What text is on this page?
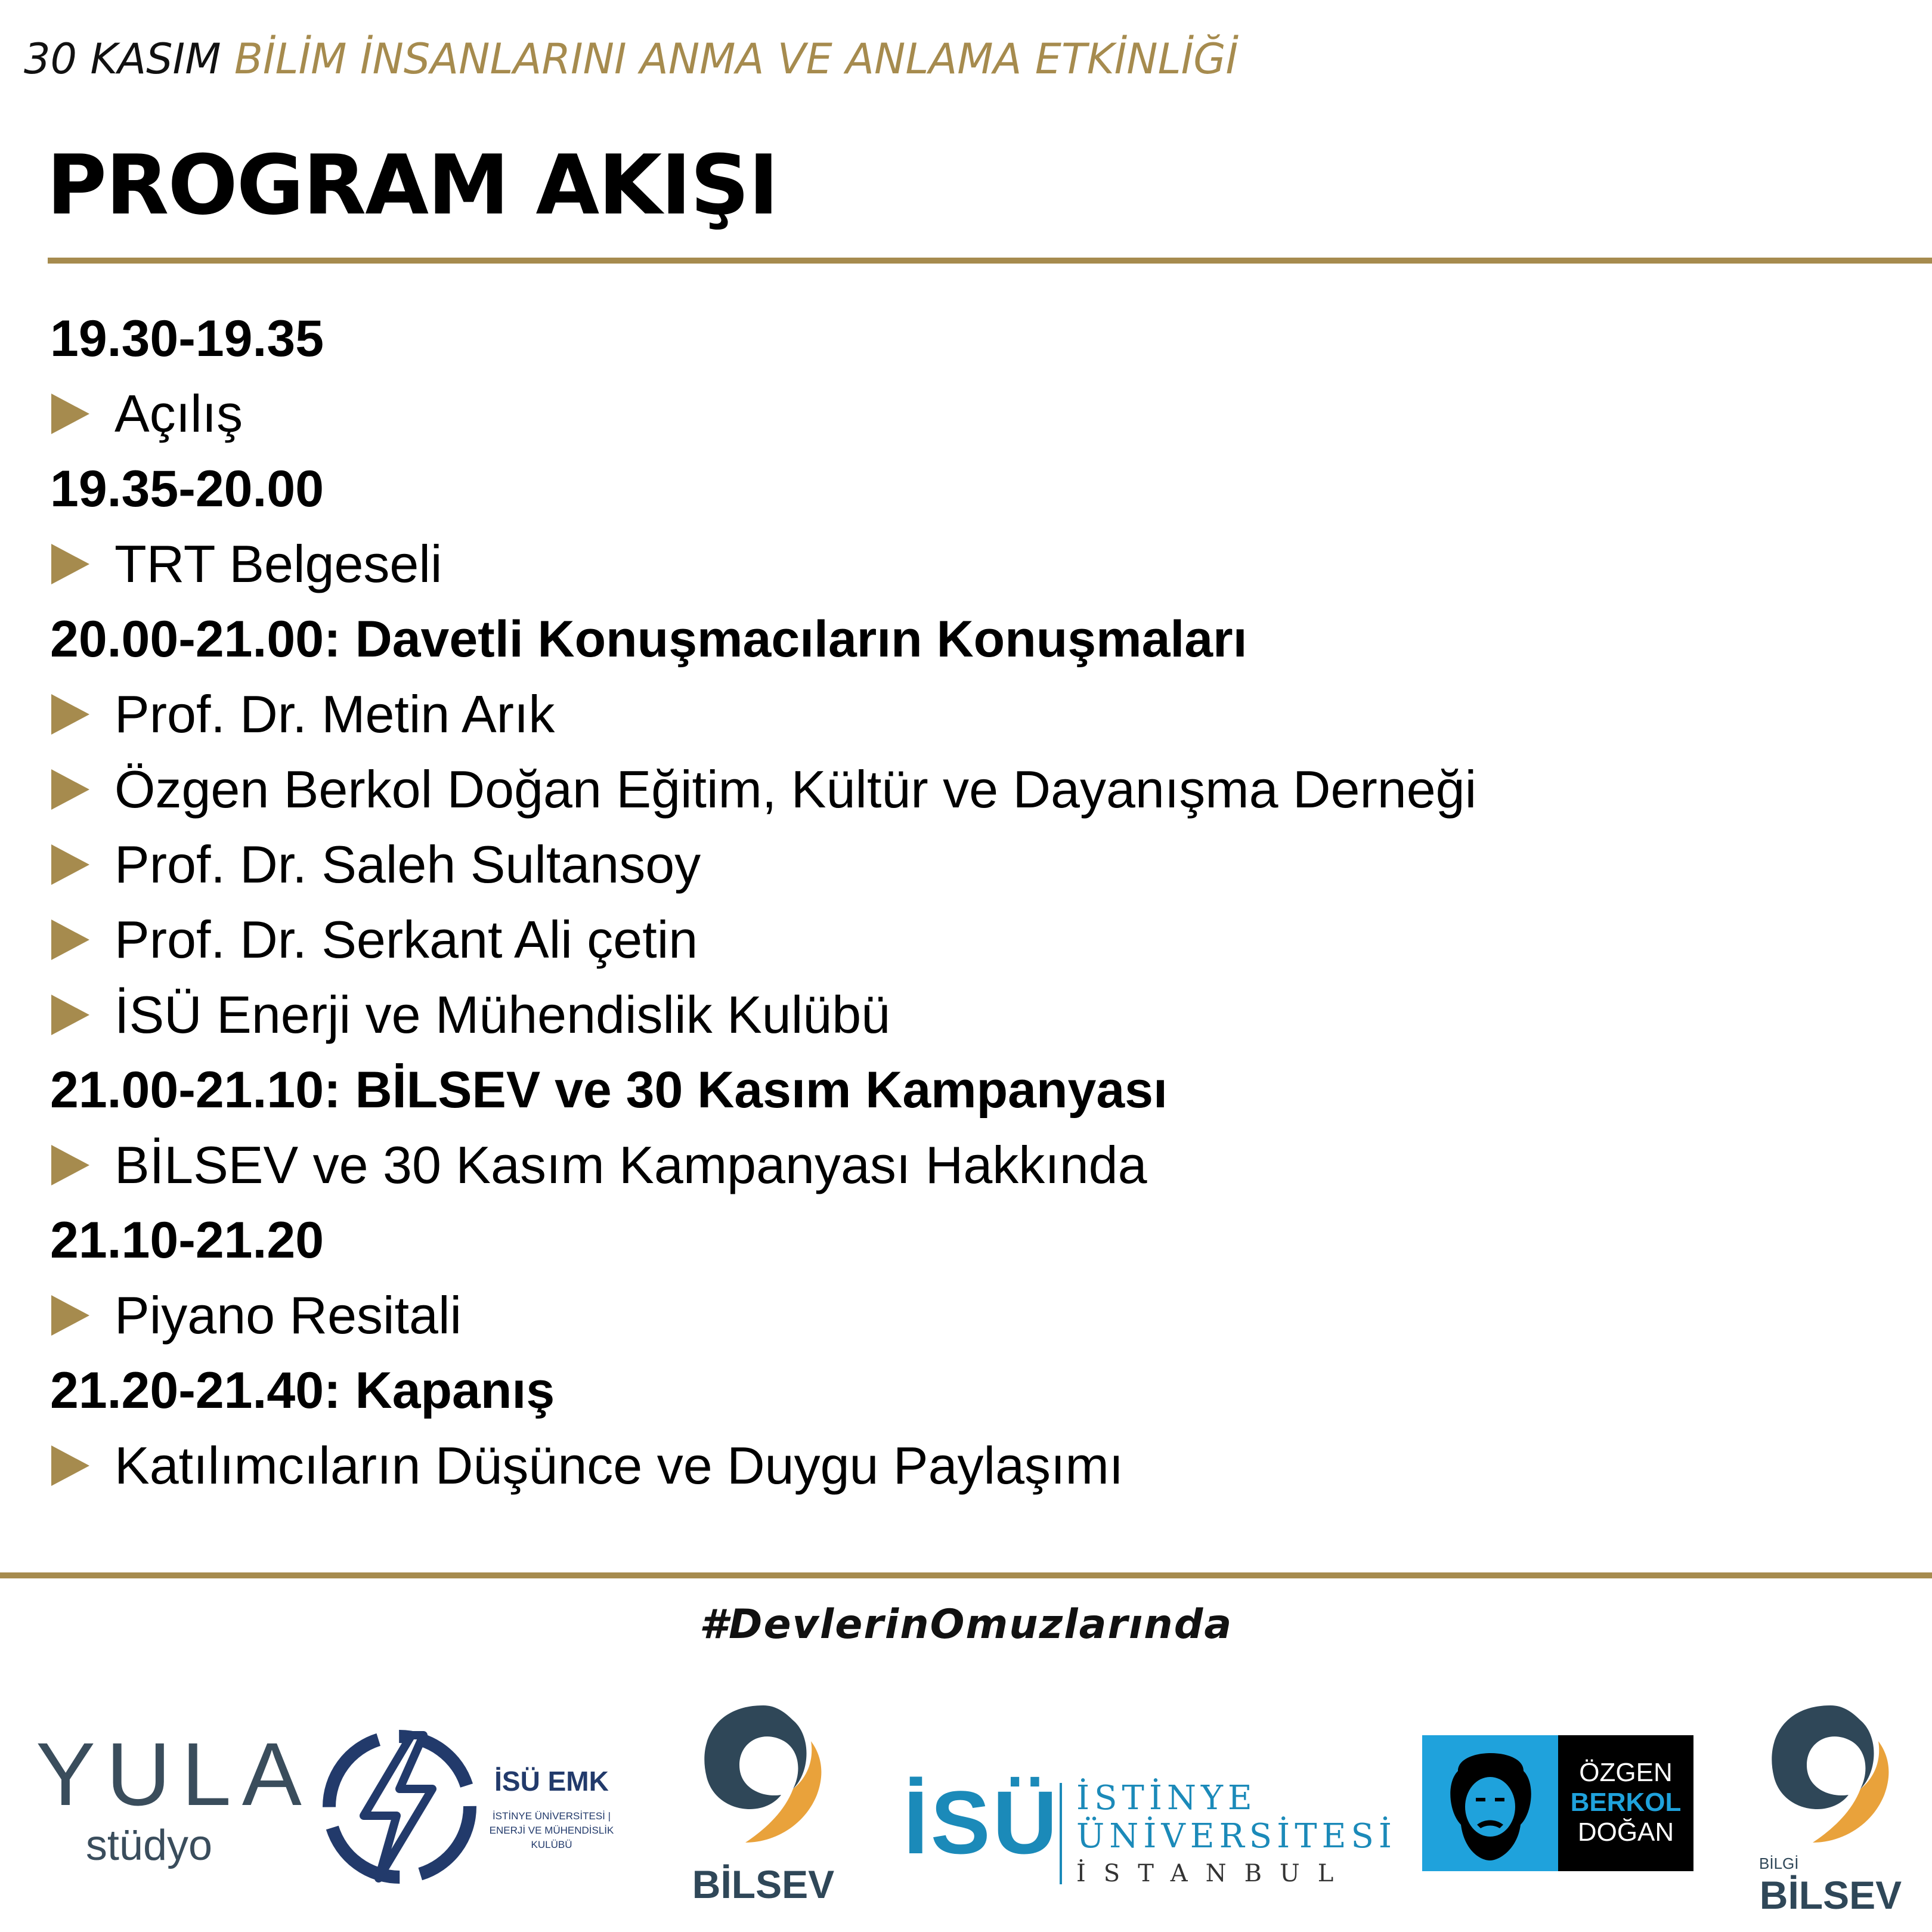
30 KASIM BİLİM İNSANLARINI ANMA VE ANLAMA ETKİNLİĞİ
PROGRAM AKIŞI
19.30-19.35
Açılış
19.35-20.00
TRT Belgeseli
20.00-21.00: Davetli Konuşmacıların Konuşmaları
Prof. Dr. Metin Arık
Özgen Berkol Doğan Eğitim, Kültür ve Dayanışma Derneği
Prof. Dr. Saleh Sultansoy
Prof. Dr. Serkant Ali çetin
İSÜ Enerji ve Mühendislik Kulübü
21.00-21.10: BİLSEV ve 30 Kasım Kampanyası
BİLSEV ve 30 Kasım Kampanyası Hakkında
21.10-21.20
Piyano Resitali
21.20-21.40: Kapanış
Katılımcıların Düşünce ve Duygu Paylaşımı
#DevlerinOmuzlarında
YULA
stüdyo
İSÜ EMK
İSTİNYE ÜNİVERSİTESİ |
ENERJİ VE MÜHENDİSLİK
KULÜBÜ
BİLSEV
İSÜ İSTİNYE
ÜNİVERSİTESİ
İSTANBUL
ÖZGEN
BERKOL
DOĞAN
BİLGİ
BİLSEV
